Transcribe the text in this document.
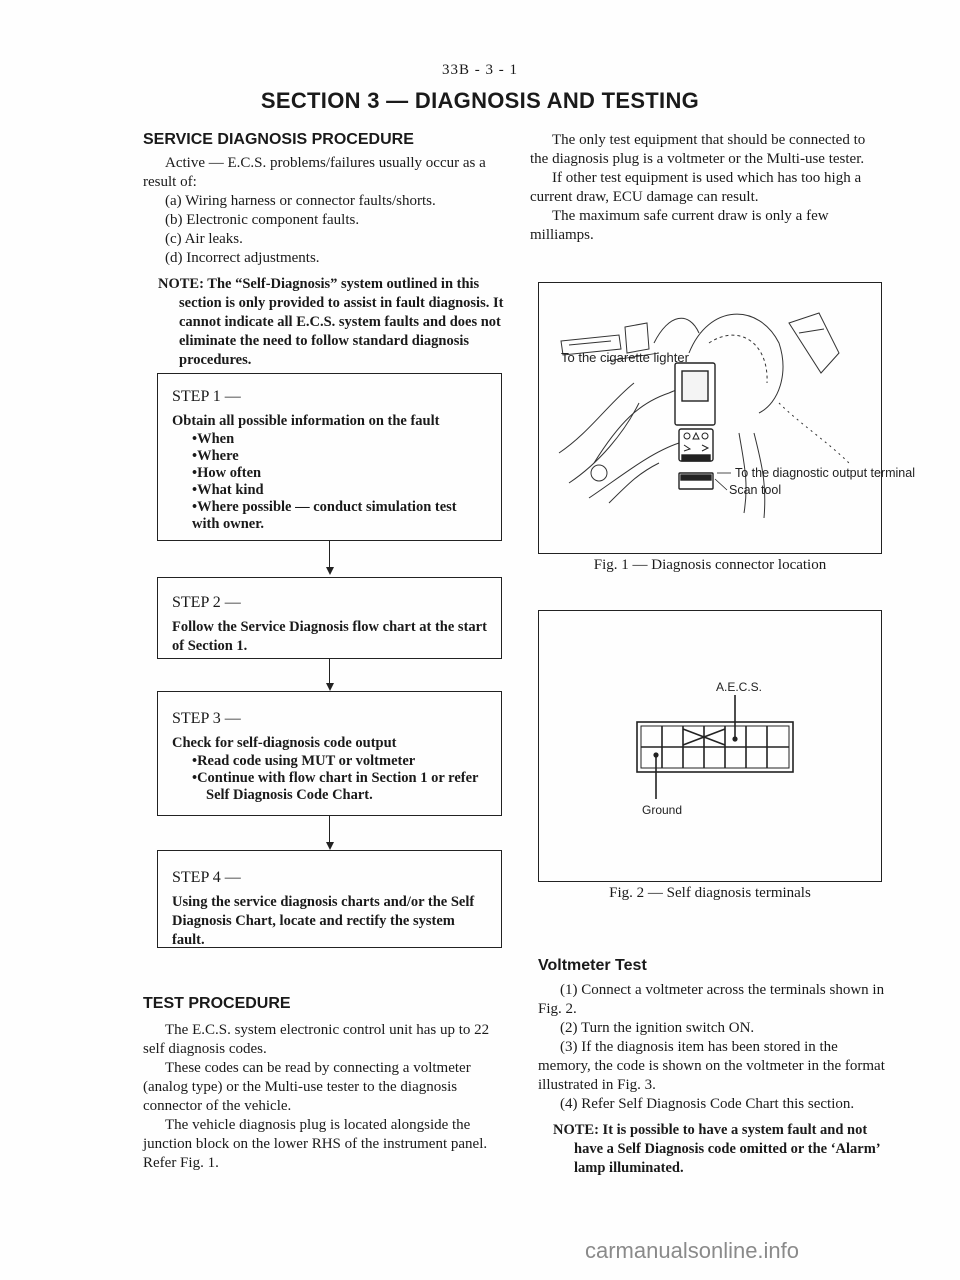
33B - 3 - 1
SECTION 3 — DIAGNOSIS AND TESTING
SERVICE DIAGNOSIS PROCEDURE

Active — E.C.S. problems/failures usually occur as a result of:

(a) Wiring harness or connector faults/shorts.

(b) Electronic component faults.

(c) Air leaks.

(d) Incorrect adjustments.

NOTE: The “Self-Diagnosis” system outlined in this section is only provided to assist in fault diagnosis. It cannot indicate all E.C.S. system faults and does not eliminate the need to follow standard diagnosis procedures.

STEP 1 —
Obtain all possible information on the fault
• When
• Where
• How often
• What kind
• Where possible — conduct simulation test with owner.
STEP 2 —
Follow the Service Diagnosis flow chart at the start of Section 1.
STEP 3 —
Check for self-diagnosis code output
• Read code using MUT or voltmeter
• Continue with flow chart in Section 1 or refer Self Diagnosis Code Chart.
STEP 4 —
Using the service diagnosis charts and/or the Self Diagnosis Chart, locate and rectify the system fault.
TEST PROCEDURE

The E.C.S. system electronic control unit has up to 22 self diagnosis codes.

These codes can be read by connecting a voltmeter (analog type) or the Multi-use tester to the diagnosis connector of the vehicle.

The vehicle diagnosis plug is located alongside the junction block on the lower RHS of the instrument panel. Refer Fig. 1.

The only test equipment that should be connected to the diagnosis plug is a voltmeter or the Multi-use tester.

If other test equipment is used which has too high a current draw, ECU damage can result.

The maximum safe current draw is only a few milliamps.

To the cigarette lighter
To the diagnostic output terminal
Scan tool
Fig. 1 — Diagnosis connector location
A.E.C.S.
Ground
Fig. 2 — Self diagnosis terminals
Voltmeter Test

(1) Connect a voltmeter across the terminals shown in Fig. 2.

(2) Turn the ignition switch ON.

(3) If the diagnosis item has been stored in the memory, the code is shown on the voltmeter in the format illustrated in Fig. 3.

(4) Refer Self Diagnosis Code Chart this section.

NOTE: It is possible to have a system fault and not have a Self Diagnosis code omitted or the ‘Alarm’ lamp illuminated.

carmanualsonline.info
